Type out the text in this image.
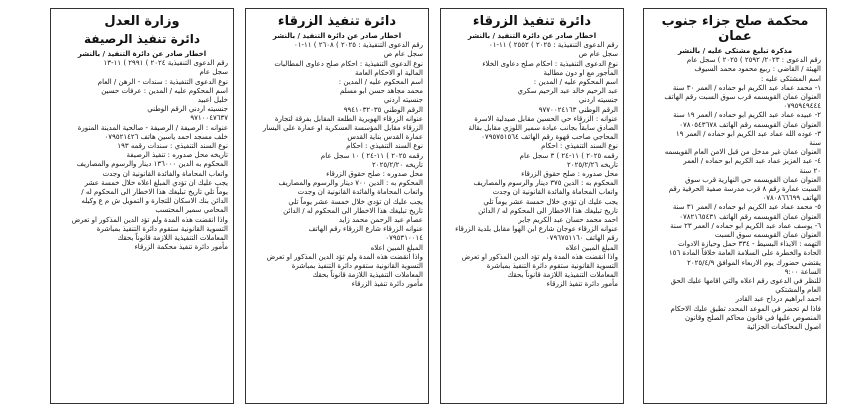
محكمة صلح جزاء جنوب عمان
مذكرة تبليغ مشتكى عليه / بالنشر
رقم الدعوى : ٢٠٢٣/ ٢٥٩٢ ) ٢٠٢٥ ) سجل عام
الهيئة / القاضي : ربيع محمود محمد السيوف
اسم المشتكى عليه :
١- محمد عماد عبد الكريم ابو حماده / العمر ٣٠ سنة
العنوان عمان القويسمه قرب سوق السبت رقم الهاتف
٠٧٩٥٩٤٩٤٤٤
٢- عبيده عماد عبد الكريم ابو حماده / العمر ١٩ سنة
العنوان عمان القويسمه رقم الهاتف ٠٧٨٠٥٤٣٦٧٨
٣- عوده الله عماد عبد الكريم ابو حماده / العمر ١٩
سنة
العنوان عمان غير مدخل من قبل الامن العام القويسمه
٤- عبد العزيز عماد عبد الكريم ابو حماده / العمر
٢٠ سنة
العنوان عمان القويسمه حي النهارية قرب سوق
السبت عمارة رقم ٨ قرب مدرسة صفية الحرفية رقم
الهاتف ٠٧٨٠٨٦٦٦٩٩
٥- محمد عماد عبد الكريم ابو حماده / العمر ٣١ سنة
العنوان عمان القويسمه رقم الهاتف ٠٧٨٢١٦٥٤٣١
٦- يوسف عماد عبد الكريم ابو حماده / العمر ٢٣ سنة
العنوان عمان القويسمه سوق السبت
التهمه : الايذاء البسيط - ٣٣٤ حمل وحيازة الادوات
الحادة والخطرة على السلامة العامة خلافاً المادة ١٥٦
يقتضي حضورك يوم الاربعاء الموافق ٢٠٢٥/٤/٩
الساعة ٩:٠٠
للنظر في الدعوى رقم اعلاه والتي اقامها عليك الحق
العام والمشتكي
احمد ابراهيم درداح عبد القادر
فاذا لم تحضر في الموعد المحدد تطبق عليك الاحكام
المنصوص عليها في قانون محاكم الصلح وقانون
اصول المحاكمات الجزائية
دائرة تنفيذ الزرقاء
اخطار صادر عن دائرة التنفيذ / بالنشر
رقم الدعوى التنفيذية : ٢٠٢٥ ) ٢٥٥٢ ) ١١-٠١
سجل عام ص
نوع الدعوى التنفيذية : احكام صلح دعاوى الخلاء
المأجور مع او دون مطالبة
اسم المحكوم عليه / المدين :
عبد الرحيم خالد عبد الرحيم سكري
جنسيته اردني
الرقم الوطني ٩٧٧٠٠٢٤١٦٣
عنوانه : الزرقاء حي الحسين مقابل صيدلية الاسرة
الصادق سابقاً بجانب عيادة سمير اللوزي مقابل بقالة
المحاجي صاحب قهوة رقم الهاتف ٠٧٩٥٧٥١٥٦٤
نوع السند التنفيذي : احكام
رقمه ٢٠٢٥ ) ١١-٢٤ ) ٣ سجل عام
تاريخه ٢٠٢٥/٢/٢٦
محل صدوره : صلح حقوق الزرقاء
المحكوم به : الدين ٣٧٥ دينار والرسوم والمصاريف
واتعاب المحاماة والفائدة القانونية ان وجدت
يجب عليك ان تؤدي خلال خمسة عشر يوماً تلي
تاريخ تبليغك هذا الاخطار الى المحكوم له / الدائن
احمد محمد حسان عبد الكريم جابر
عنوانه الزرقاء عوجان شارع ابن الهوا مقابل بلدية الزرقاء
رقم الهاتف ٠٧٩٦٧٥١١٦٠
المبلغ المبين اعلاه
واذا انقضت هذه المدة ولم تؤد الدين المذكور او تعرض
التسوية القانونية ستقوم دائرة التنفيذ بمباشرة
المعاملات التنفيذية اللازمة قانوناً بحقك
مأمور دائرة تنفيذ الزرقاء
دائرة تنفيذ الزرقاء
اخطار صادر عن دائرة التنفيذ / بالنشر
رقم الدعوى التنفيذية : ٢٠٢٥ ) ٢٦٠٨ ) ١١-٠١
سجل عام ص
نوع الدعوى التنفيذية : احكام صلح دعاوى المطالبات
المالية او الاحكام العامة
اسم المحكوم عليه / المدين :
محمد مجاهد حسن ابو مسلم
جنسيته اردني
الرقم الوطني ٩٩٤١٠٣٢٠٣٥
عنوانه الزرقاء الهويرية الطلعة المقابل بفرقة لتجارة
الزرقاء مقابل المؤسسة العسكرية او عمارة على اليسار
عمارة القدس بناية القدس
نوع السند التنفيذي : احكام
رقمه ٢٠٢٥ ) ١١-٢٤ ) ١٠ سجل عام
تاريخه ٢٠٢٥/٢/٢٠
محل صدوره : صلح حقوق الزرقاء
المحكوم به : الدين ٧٠٠ دينار والرسوم والمصاريف
واتعاب المحاماة والفائدة القانونية ان وجدت
يجب عليك ان تؤدي خلال خمسة عشر يوماً تلي
تاريخ تبليغك هذا الاخطار الى المحكوم له / الدائن
عصام عبد الرحمن محمد زايد
عنوانه الزرقاء شارع الزرقاء رقم الهاتف
٠٧٩٥٣١٠٠١٤
المبلغ المبين اعلاه
واذا انقضت هذه المدة ولم تؤد الدين المذكور او تعرض
التسوية القانونية ستقوم دائرة التنفيذ بمباشرة
المعاملات التنفيذية اللازمة قانوناً بحقك
مأمور دائرة تنفيذ الزرقاء
وزارة العدل
دائرة تنفيذ الرصيفة
اخطار صادر عن دائرة التنفيذ / بالنشر
رقم الدعوى التنفيذية ٢٠٢٤ ) ٢٩٩١ ) ١١-١٣
سجل عام
نوع الدعوى التنفيذية : سندات - الرهن / العام
اسم المحكوم عليه / المدين : عرفات حسين
خليل اعبيد
جنسيته اردني الرقم الوطني
٩٧١٠٠٤٧٦٣٧
عنوانه : الرصيفة / الرصيفة - صالحية المدينة المنورة
خلف مسجد احمد ياسين هاتف ٠٧٩٥٢١٤٢٦
نوع السند التنفيذي : سندات رقمه ١٩٣
تاريخه محل صدوره : تنفيذ الرصيفة
المحكوم به الدين ١٣٦٠٠٠ دينار والرسوم والمصاريف
واتعاب المحاماة والفائدة القانونية ان وجدت
يجب عليك ان تؤدي المبلغ اعلاه خلال خمسة عشر
يوماً تلي تاريخ تبليغك هذا الاخطار الى المحكوم له /
الدائن بنك الاسكان للتجارة و التمويل ش م ع وكيله
المحامي سمير المحتسب
واذا انقضت هذه المدة ولم تؤد الدين المذكور او تعرض
التسوية القانونية ستقوم دائرة التنفيذ بمباشرة
المعاملات التنفيذية اللازمة قانوناً بحقك
مأمور دائرة تنفيذ محكمة الزرقاء
